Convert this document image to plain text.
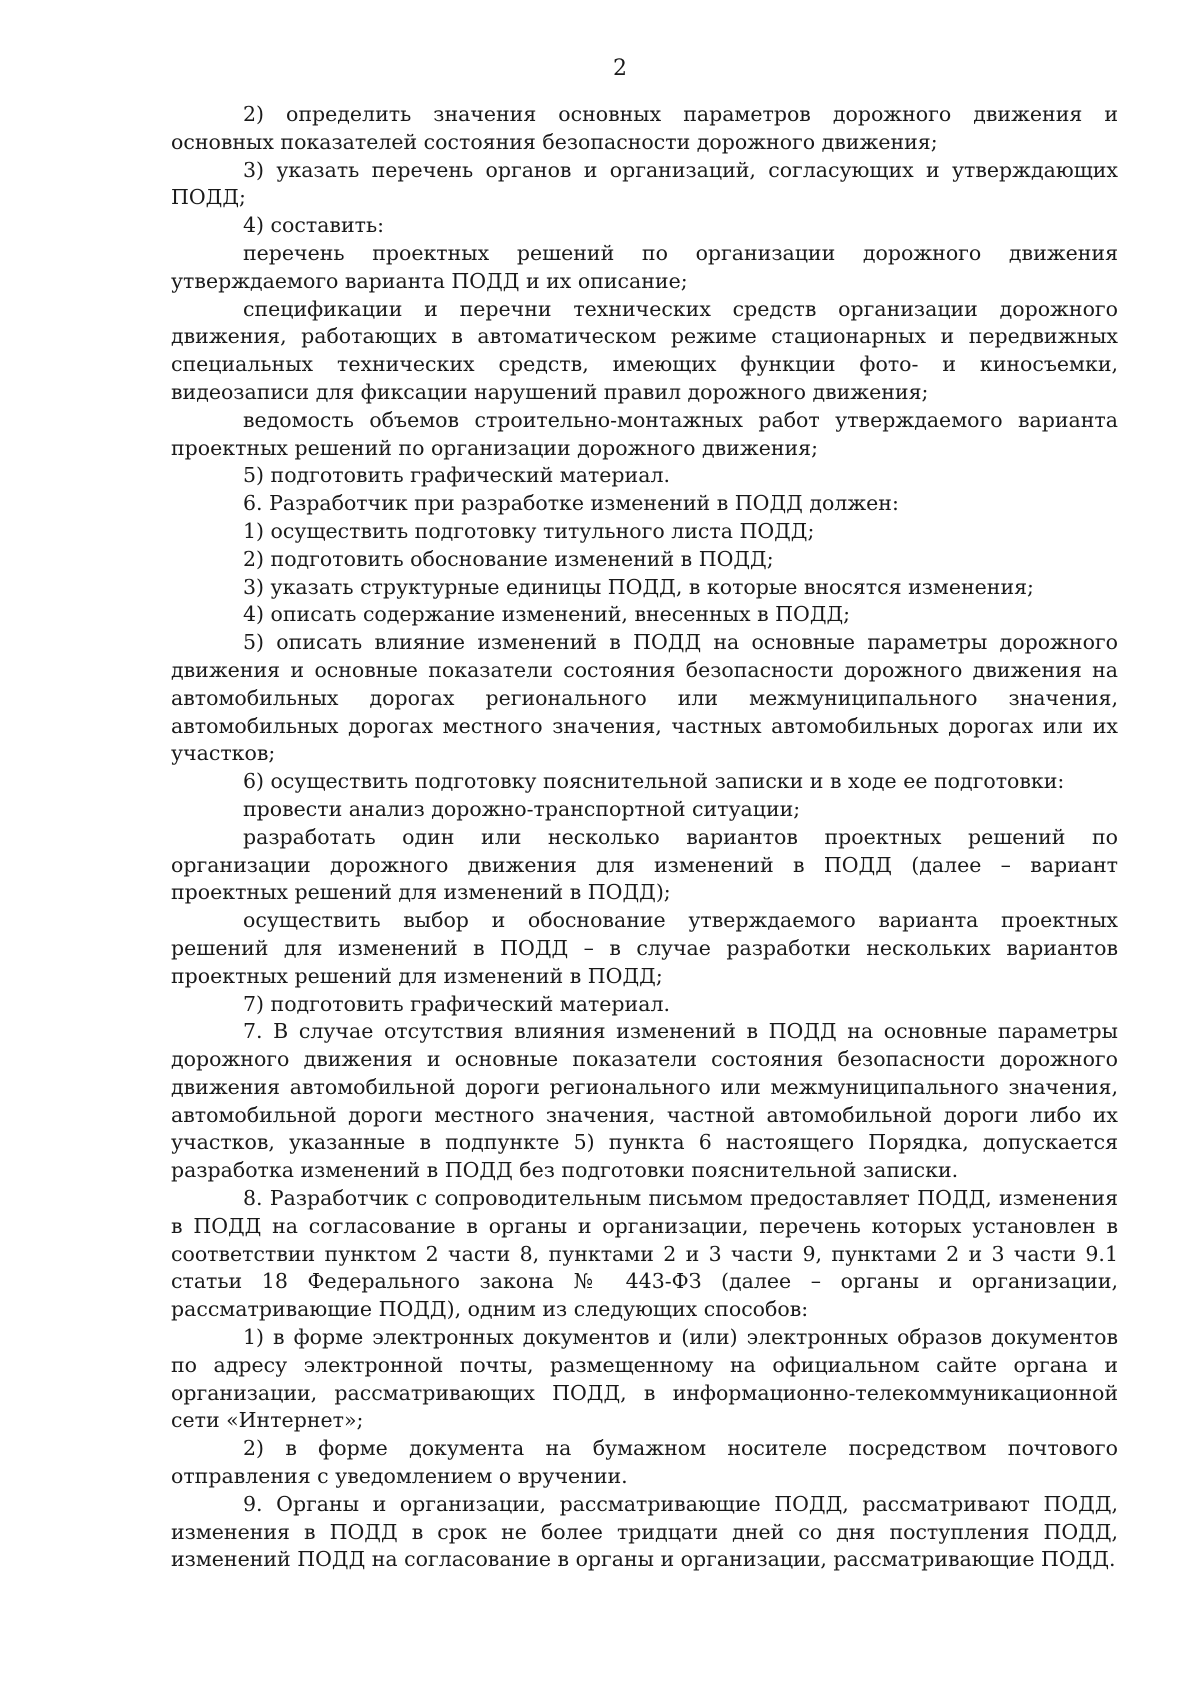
2

2) определить значения основных параметров дорожного движения и основных показателей состояния безопасности дорожного движения;

3) указать перечень органов и организаций, согласующих и утверждающих ПОДД;

4) составить:

перечень проектных решений по организации дорожного движения утверждаемого варианта ПОДД и их описание;

спецификации и перечни технических средств организации дорожного движения, работающих в автоматическом режиме стационарных и передвижных специальных технических средств, имеющих функции фото- и киносъемки, видеозаписи для фиксации нарушений правил дорожного движения;

ведомость объемов строительно-монтажных работ утверждаемого варианта проектных решений по организации дорожного движения;

5) подготовить графический материал.

6. Разработчик при разработке изменений в ПОДД должен:

1) осуществить подготовку титульного листа ПОДД;

2) подготовить обоснование изменений в ПОДД;

3) указать структурные единицы ПОДД, в которые вносятся изменения;

4) описать содержание изменений, внесенных в ПОДД;

5) описать влияние изменений в ПОДД на основные параметры дорожного движения и основные показатели состояния безопасности дорожного движения на автомобильных дорогах регионального или межмуниципального значения, автомобильных дорогах местного значения, частных автомобильных дорогах или их участков;

6) осуществить подготовку пояснительной записки и в ходе ее подготовки:

провести анализ дорожно-транспортной ситуации;

разработать один или несколько вариантов проектных решений по организации дорожного движения для изменений в ПОДД (далее – вариант проектных решений для изменений в ПОДД);

осуществить выбор и обоснование утверждаемого варианта проектных решений для изменений в ПОДД – в случае разработки нескольких вариантов проектных решений для изменений в ПОДД;

7) подготовить графический материал.

7. В случае отсутствия влияния изменений в ПОДД на основные параметры дорожного движения и основные показатели состояния безопасности дорожного движения автомобильной дороги регионального или межмуниципального значения, автомобильной дороги местного значения, частной автомобильной дороги либо их участков, указанные в подпункте 5) пункта 6 настоящего Порядка, допускается разработка изменений в ПОДД без подготовки пояснительной записки.

8. Разработчик с сопроводительным письмом предоставляет ПОДД, изменения в ПОДД на согласование в органы и организации, перечень которых установлен в соответствии пунктом 2 части 8, пунктами 2 и 3 части 9, пунктами 2 и 3 части 9.1 статьи 18 Федерального закона № 443-ФЗ (далее – органы и организации, рассматривающие ПОДД), одним из следующих способов:

1) в форме электронных документов и (или) электронных образов документов по адресу электронной почты, размещенному на официальном сайте органа и организации, рассматривающих ПОДД, в информационно-телекоммуникационной сети «Интернет»;

2) в форме документа на бумажном носителе посредством почтового отправления с уведомлением о вручении.

9. Органы и организации, рассматривающие ПОДД, рассматривают ПОДД, изменения в ПОДД в срок не более тридцати дней со дня поступления ПОДД, изменений ПОДД на согласование в органы и организации, рассматривающие ПОДД.
